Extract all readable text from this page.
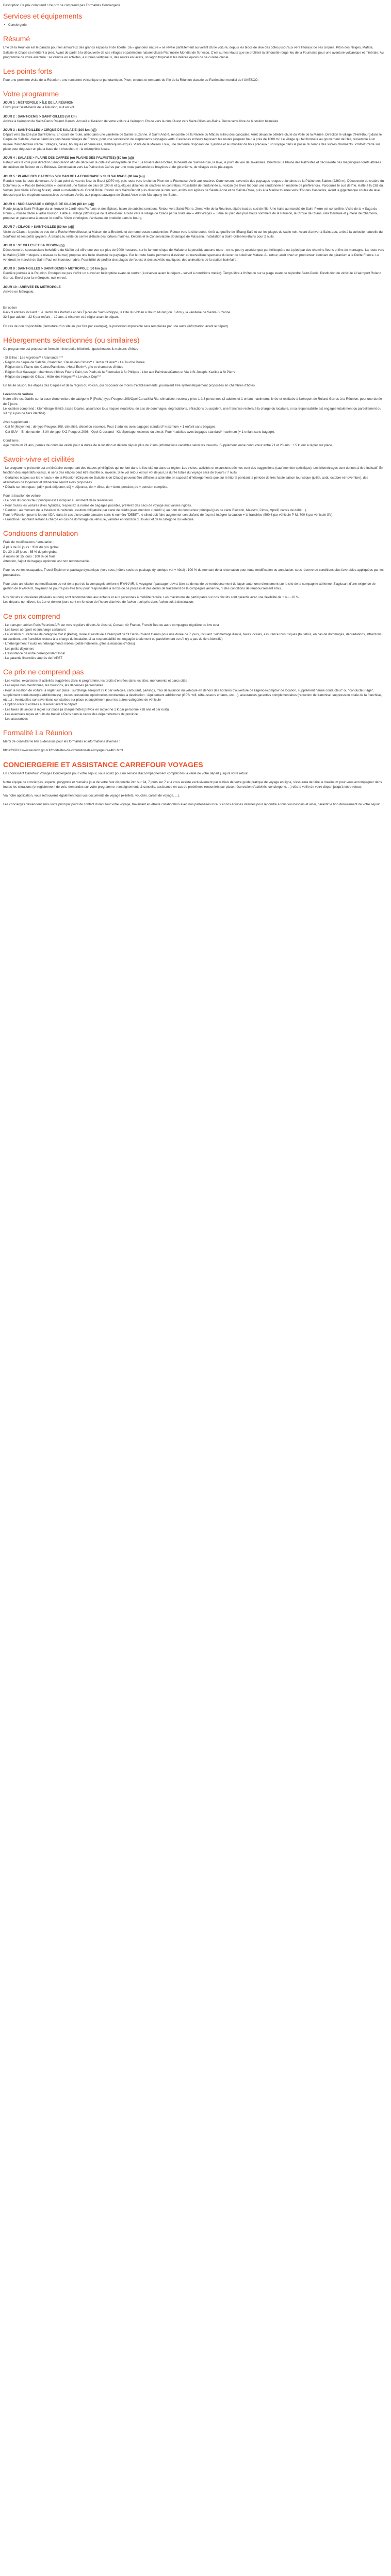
Description Ce prix comprend / Ce prix ne comprend pas Formalités Conciergerie

Services et équipements

• Conciergerie

Résumé

L'île de la Réunion est le paradis pour les amoureux des grands espaces et de liberté. Sa « grandeur nature » se révèle parfaitement au volant d'une voiture, depuis les blocs de lave des côtes jusqu'aux vers littoraux de ses cirques. Piton des Neiges, Mafate, Salazie et Cilaos se méritent à pied. Avant de partir à la découverte de ces villages et patrimoine naturel classé Patrimoine Mondial de l'Unesco. C'est sur les Hauts que se profilent la silhouette rouge feu de la Fournaise pour une aventure volcanique et minérale. Au programme de votre aventure : se vaincre en activités, à cirques vertigineux, des routes en lacets, un lagon tropical et les délices épicés de sa cuisine créole.

Les points forts

Pour une première visite de la Réunion : une rencontre volcanique et panoramique. Piton, cirques et remparts de l'île de la Réunion classée au Patrimoine mondial de l'UNESCO.

Votre programme

JOUR 1 : MÉTROPOLE > ÎLE DE LA RÉUNION

Envol pour Saint-Denis de la Réunion, nuit en vol.

JOUR 2 : SAINT-DENIS > SAINT-GILLES (50 km)

Arrivée à l'aéroport de Saint-Denis Roland Garros. Accueil et livraison de votre voiture à l'aéroport. Route vers la côte Ouest vers Saint-Gilles-les-Bains. Découverte libre de la station balnéaire.

JOUR 3 : SAINT-GILLES > CIRQUE DE SALAZIE (100 km (aj))

Départ vers Salazie par Saint-Denis. En cours de route, arrêt dans une vanillerie de Sainte-Suzanne. À Saint-André, rencontre de la Rivière du Mât au milieu des cascades. Arrêt devant le célèbre chute du Voile de la Mariée. Direction le village d'Hell-Bourg dans le Cirque de Salazie, classé parmi les plus beaux villages de France, pour une succession de surprenants paysages verts. Cascades et fleurs tapissent les routes jusqu'en haut à près de 1000 m ! Le village qui fait honneur au gouverneur de Hell, ressemble à un musée d'architecture créole : Villages, cases, boutiques et demeures, lambrequins exquis. Visite de la Maison Folio, une demeure disposant de 3 jardins et au mobilier de bois précieux : un voyage dans le passé du temps des sucres charmants. Profitez d'être sur place pour déguster un plat à base de « chouchou » : la cristophine locale.

JOUR 4 : SALAZIE > PLAINE DES CAFRES (ou PLAINE DES PALMISTES) (80 km (aj))

Retour vers la côte puis direction Saint-Benoît afin de découvrir la côte est verdoyante de l'île : La Rivière des Roches, la beauté de Sainte-Rose, la lave, le point de vue de Takamaka. Direction La Plaine des Palmistes et découverte des magnifiques forêts attirées de cuisines de Bébour et de Bélouve. Continuation vers La Plaine des Cafres par une route parsemée de bruyères et de géraniums, de villages et de pâturages.

JOUR 5 : PLAINE DES CAFRES > VOLCAN DE LA FOURNAISE > SUD SAUVAGE (80 km (aj))

Rendez-vous la route du volcan. Arrêt au point de vue du Nez de Bœuf (2070 m), puis route vers le site du Piton de la Fournaise. Arrêt aux cratères Commerson, traversée des paysages rouges et lunaires de la Plaine des Sables (2260 m). Découverte du cratère du Dolomieu ou « Pas de Bellecombe », dominant une falaise de plus de 100 m et quelques dizaines de cratères en contrebas. Possibilité de randonnée au volcan (se lever tôt pour une randonnée en matinée de préférence). Parcourez le sud de l'île. Halte à la Cité du Volcan (lieu dédié à Bourg Murat). Arrêt au belvédère du Grand Brûlé. Retour vers Saint-Benoît puis direction la côte sud, arrêts aux églises de Sainte-Anne et de Sainte-Rose, puis à la Marine tournée vers l'Est des Cascades, avant la gigantesque coulée de lave déposée par les éruptions successives du volcan. Arrêts aux plages sauvages de Grand Anse et de Manapany-les-Bains.

JOUR 6 : SUD SAUVAGE > CIRQUE DE CILAOS (80 km (aj))

Route jusqu'à Saint-Philippe via un trouver le Jardin des Parfums et des Épices, havre de subtiles senteurs. Retour vers Saint-Pierre, 2ème ville de la Réunion, située tout au sud de l'île. Une halte au marché de Saint-Pierre est conseillée. Visite de la « Saga du Rhum », musée dédié à ladite boisson. Halte au village pittoresque de l'Entre-Deux. Route vers le village de Cilaos par la route aux « 400 virages ». Situé au pied des plus hauts sommets de la Réunion, le Cirque de Cilaos, villa thermale et jumelle de Chamonix, propose un panorama à couper le souffle. Visite éthologies d'artisanat de broderie dans le bourg.

JOUR 7 : CILAOS > SAINT-GILLES (80 km (aj))

Visite de Cilaos : le point de vue de la Roche Merveilleuse, la Maison de la Broderie et de nombreuses randonnées. Retour vers la côte ouest. Arrêt au gouffre de l'Étang-Salé et sur les plages de sable noir. Avant d'arriver à Saint-Leu, arrêt à la curiosité naturelle du Souffleur et ses petits geysers. À Saint-Leu visite du centre d'étude des tortues marines, Kélonia et le Conservatoire Botanique de Mascarin. Installation à Saint-Gilles-les-Bains pour 2 nuits.

JOUR 8 : ST GILLES ET SA REGION (pj)

Découverte du spectaculaire belvédère du Maïdo qui offre une vue sur plus de 9000 hectares, sur le fameux cirque de Mafate et la possible aucune route - on ne peut y accéder que par hélicoptère ou à pied par des chemins fleuris et fins de montagne. La route vers le Maïdo (2200 m depuis le niveau de la mer) propose une belle diversité de paysages. Par le route l'aube permettra d'assister au merveilleux spectacle du lever de soleil sur Mafate. Au retour, arrêt chez un producteur étonnant de géranium à la Petite France. Le vendredi, le marché de Saint-Paul est incontournable. Possibilité de profiter des plages de l'ouest et des activités nautiques, des animations de la station balnéaire.

JOUR 9 : SAINT-GILLES > SAINT-DENIS > MÉTROPOLE (50 km (aj))

Dernière journée à la Réunion. Pourquoi ne pas s'offrir un survol en hélicoptère avant de rentrer (à réserver avant le départ – survol à conditions météo). Temps libre à l'hôtel ou sur la plage avant de rejoindre Saint-Denis. Restitution du véhicule à l'aéroport Roland Garros. Envol pour la métropole, nuit en vol.

JOUR 10 : ARRIVEE EN METROPOLE

Arrivée en Métropole.

En option

Pack 3 entrées incluant : Le Jardin des Parfums et des Épices de Saint-Philippe, la Cité du Volcan à Bourg Murat (jou. 6 dim.), la vanillerie de Sainte-Suzanne.

32 € par adulte – 22 € par enfant – 12 ans, à réserver et à régler avant le départ.

En cas de non disponibilité (fermeture d'un site au jour fixé par exemple), la prestation impossible sera remplacée par une autre (information avant le départ).

Hébergements sélectionnés (ou similaires)

Ce programme est proposé en formule mixte petite hôtellerie, guesthouses & maisons d'hôtes

- St Gilles : Les Aigrettes** / Alamanda ***

- Région du cirque de Salazie, Grand îlet : Relais des Cimes** / Jardin d'Hévé** / La Touche Dorée

- Région de la Plaine des Cafres/Palmistes : Hotel Ecrin**, gîte et chambres d'hôtes

- Région Sud Sauvage : chambres d'hôtes Four à Pain, les Pieds de la Fournaise à St Philippe - Lilet aux Palmistes/Cartes et Via à St Joseph, Kazilda à St Pierre

- Région du cirque de Cilaos : Hôtel des Neiges*** / Le vieux Cep***

En haute saison, les étapes des Cirques et de la région du volcan, qui disposent de moins d'établissements, pourraient être systématiquement proposées en chambres d'hôtes.

Location de voiture

Notre offre est établie sur la base d'une voiture de catégorie P (Petite) type Peugeot 208/Opel Corsa/Kia Rio, climatisée, restera y prise 1 à 3 personnes (2 adultes et 1 enfant maximum), livrée et restituée à l'aéroport de Roland Garros à la Réunion, pour une durée de 7 jours.

Le location comprend : kilométrage illimité, taxes locales, assurance tous risques (toutefois, en cas de dommages, dégradations, effractions ou accident, une franchise restera à la charge du locataire, si sa responsabilité est engagée totalement ou partiellement ou s'il n'y a pas de tiers identifié).

Avec supplément :

- Cat M (Moyenne) : de type Peugeot 308, climatisé, diesel ou essence. Pour 3 adultes avec bagages standard* maximum + 1 enfant sans bagages.

- Cat SUV – En demande : SUV de type 4X2 Peugeot 2008 - Opel Crossland - Kia Sportage, essence ou diesel. Pour 4 adultes avec bagages standard* maximum (+ 1 enfant sans bagage).

Conditions :

Age minimum 21 ans, permis de conduire valide pour la durée de la location et détenu depuis plus de 2 ans (informations variables selon les loueurs). Supplément jeune conducteur entre 21 et 23 ans : + 5 € jour à régler sur place.

Savoir-vivre et civilités

- Le programme présenté est un itinéraire comportant des étapes privilégiées qui ne font dans le lieu cité ou dans sa région. Les visites, activités et excursions décrites sont des suggestions (sauf mention spécifique). Les kilométrages sont donnés à titre indicatif. En fonction des impératifs locaux, le sens des étapes peut être modifié ou inversé. Si le vol retour est un vol de jour, la durée totale du voyage sera de 9 jours / 7 nuits.

- Certaines étapes sur les « hauts » de la Réunion (Cirques de Salazie & de Cilaos) peuvent être difficiles à atteindre en capacité d'hébergements que sur le littoral pendant la période de très haute saison touristique (juillet, août, octobre et novembre), des alternatives de logement et d'itinéraire seront alors proposées.

• Détails sur les repas : pdj = petit déjeuner, déj = déjeuner, din = dîner, dp = demi-pension, pc = pension complète.

Pour la location de voiture :

• Le nom du conducteur principal est à indiquer au moment de la réservation.

• Pour toutes les voitures dites hybrides, respectez la norme de bagages possible, préférez des sacs de voyage aux valises rigides.

• Caution : au moment de la livraison du véhicule, caution obligatoire par carte de crédit (avec mention « crédit ») au nom du conducteur principal (pas de carte Electron, Maestro, Cirrus, Vpréif, cartes de débit…).

Pour le Réunion pour la loueur ADA, dans le cas d'une carte bancaire sans le numéro "DEBIT", le client doit faire augmenter son plafond de façon à intégrer la caution + la franchise (590 € par véhicule P-M, 700 € par véhicule SV).

• Franchise : montant restant à charge en cas de dommage du véhicule, variable en fonction du loueur et de la catégorie du véhicule.

Conditions d'annulation

Frais de modifications / annulation :

À plus de 30 jours : 35% du prix global

De 30 à 15 jours : 85 % du prix global

À moins de 15 jours : 100 % de frais

Attention, l'ajout de bagage optionnel est non remboursable.

Pour les ventes escapades, Travel Explorer et package dynamique (vols secs, hôtels seuls ou package dynamique vol + hôtel) : 100 % du montant de la réservation pour toute modification ou annulation, sous réserve de conditions plus favorables appliquées par les prestataires.

Pour toute annulation ou modification du vol de la part de la compagnie aérienne RYANAIR, le voyageur / passager devra faire sa demande de remboursement de façon autonome directement sur le site de la compagnie aérienne. S'agissant d'une exigence de gestion de RYANAIR, Voyamar ne pourra pas être tenu pour responsable à la fois de ce process et des délais de traitement de la compagnie aérienne, ni des conditions de remboursement émis.

Nos circuits et croisières (fluviales ou non) sont recommandés aux enfants et aux personnes à mobilité réduite. Les maximums de participants sur nos circuits sont garantis avec une flexibilité de + ou - 10 %.

Les départs non divers les 1er et dernier jours sont en fonction de l'heure d'arrivée de l'avion : soit pris dans l'avion soit à destination.

Ce prix comprend

- Le transport aérien Paris/Réunion A/R sur vols réguliers directs Air Austral, Corsair, Air France, French Bee ou autre compagnie régulière ou low cost

- Les taxes aéroport et surcharge carburant

- La location du véhicule de catégorie Cat P (Petite), livrée et restituée à l'aéroport de St Denis-Roland Garros pour une durée de 7 jours, incluant : kilométrage illimité, taxes locales, assurance tous risques (toutefois, en cas de dommages, dégradations, effractions ou accident, une franchise restera à la charge du locataire, si sa responsabilité est engagée totalement ou partiellement ou s'il n'y a pas de tiers identifié)

- L'hébergement 7 nuits en hébergements mixtes (petite hôtellerie, gîtes & maisons d'hôtes)

- Les petits déjeuners

- L'assistance de notre correspondant local

- La garantie financière auprès de l'APST

Ce prix ne comprend pas

- Les visites, excursions et activités suggérées dans le programme, les droits d'entrées dans les sites, monuments et parcs cités

- Les repas non mentionnés, les boissons, les dépenses personnelles

- Pour la location de voiture, à régler sur place : surcharge aéroport 29 € par véhicule, carburant, parkings, frais de livraison du véhicule en dehors des horaires d'ouverture de l'agence/comptoir de location, supplément "jeune conducteur" ou "conducteur âgé", supplément conducteur(s) additionnel(s) ; toutes prestations optionnelles contractées à destination : équipement additionnel (GPS, wifi, réhausseurs enfants, etc....), assurances garanties complémentaires (réduction de franchise, suppression totale de la franchise, etc....) ; éventuelles contraventions constatées sur place et supplément pour les autres catégories de véhicule

- L'option Pack 3 entrées à réserver avant le départ

- Les taxes de séjour à régler sur place (à chaque hôtel (prévoir en moyenne 1 € par personne +18 ans et par nuit))

- Les éventuels repas et nuits de transit à Paris dans le cadre des départs/retours de province

- Les assurances

Formalité La Réunion

Merci de consulter le lien ci-dessous pour les formalités et informations diverses :

https://XXXXwww.reunion.gouv.fr/modalites-de-circulation-des-voyageurs-r461.html

CONCIERGERIE ET ASSISTANCE CARREFOUR VOYAGES

En choisissant Carrefour Voyages Conciergerie pour votre séjour, vous optez pour un service d'accompagnement complet dès la veille de votre départ jusqu'à votre retour.

Notre équipe de concierges, experte, polyglotte et humaine joue de votre l'est disponible 24h sur 24, 7 jours sur 7 et à vous assiste exclusivement par le biais de votre guide pratique de voyage en ligne, s'assurera de faire le maximum pour vous accompagner dans toutes les situations (enregistrement de vols, demandes sur votre programme, renseignements & conseils, assistance en cas de problèmes rencontrés sur place, réservation d'activités, conciergerie, ...) dès la veille de votre départ jusqu'à votre retour.

Via notre application, vous retrouverez également tous vos documents de voyage (e-billets, voucher, carnet de voyage, ...).

Les concierges deviennent ainsi votre principal point de contact durant tout votre voyage, travaillant en étroite collaboration avec nos partenaires locaux et nos équipes internes pour répondre à tous vos besoins et ainsi, garantir le bon déroulement de votre séjour.
